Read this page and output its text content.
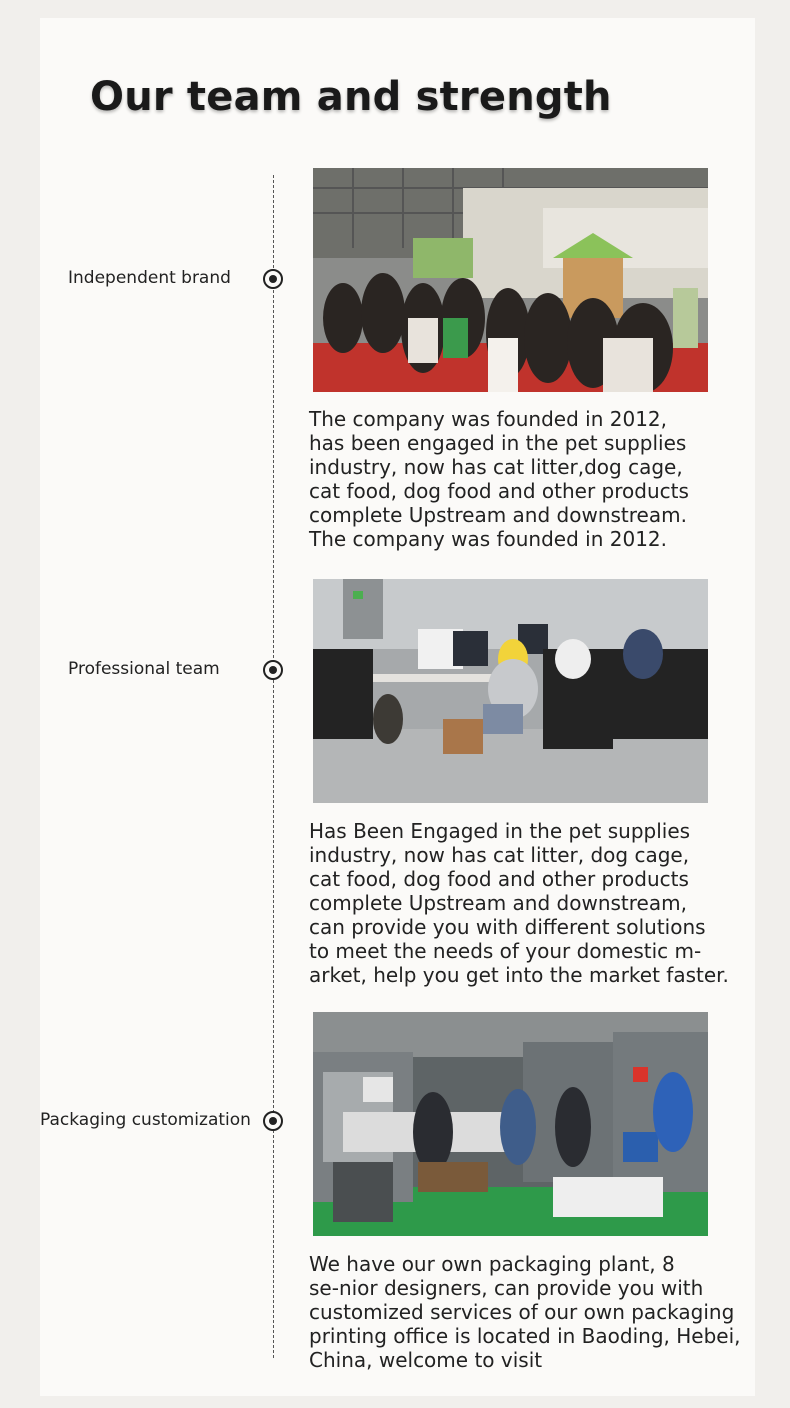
Our team and strength
Independent brand

The company was founded in 2012,
has been engaged in the pet supplies
industry, now has cat litter,dog cage,
cat food, dog food and other products
complete Upstream and downstream.
The company was founded in 2012.

Professional team

Has Been Engaged in the pet supplies
industry, now has cat litter, dog cage,
cat food, dog food and other products
complete Upstream and downstream,
can provide you with different solutions
to meet the needs of your domestic m-
arket, help you get into the market faster.

Packaging customization

We have our own packaging plant, 8
se-nior designers, can provide you with
customized services of our own packaging
printing office is located in Baoding, Hebei,
China, welcome to visit
